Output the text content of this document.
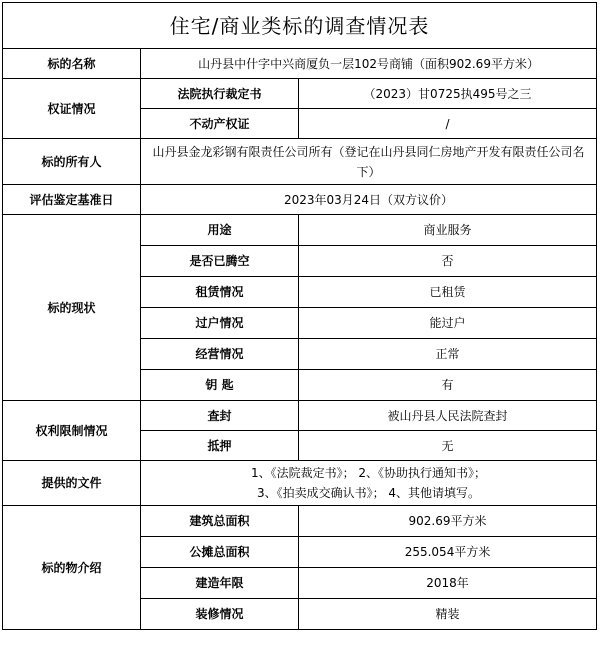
住宅/商业类标的调查情况表		
标的名称	山丹县中什字中兴商厦负一层102号商铺（面积902.69平方米）	
权证情况	法院执行裁定书	（2023）甘0725执495号之三
	不动产权证	/
标的所有人	山丹县金龙彩钢有限责任公司所有（登记在山丹县同仁房地产开发有限责任公司名下）	
评估鉴定基准日	2023年03月24日（双方议价）	
标的现状	用途	商业服务
	是否已腾空	否
	租赁情况	已租赁
	过户情况	能过户
	经营情况	正常
	钥 匙	有
权利限制情况	查封	被山丹县人民法院查封
	抵押	无
提供的文件	1、《法院裁定书》； 2、《协助执行通知书》；
3、《拍卖成交确认书》； 4、其他请填写。	

标的物介绍	建筑总面积	902.69平方米
	公摊总面积	255.054平方米
	建造年限	2018年
	装修情况	精装
